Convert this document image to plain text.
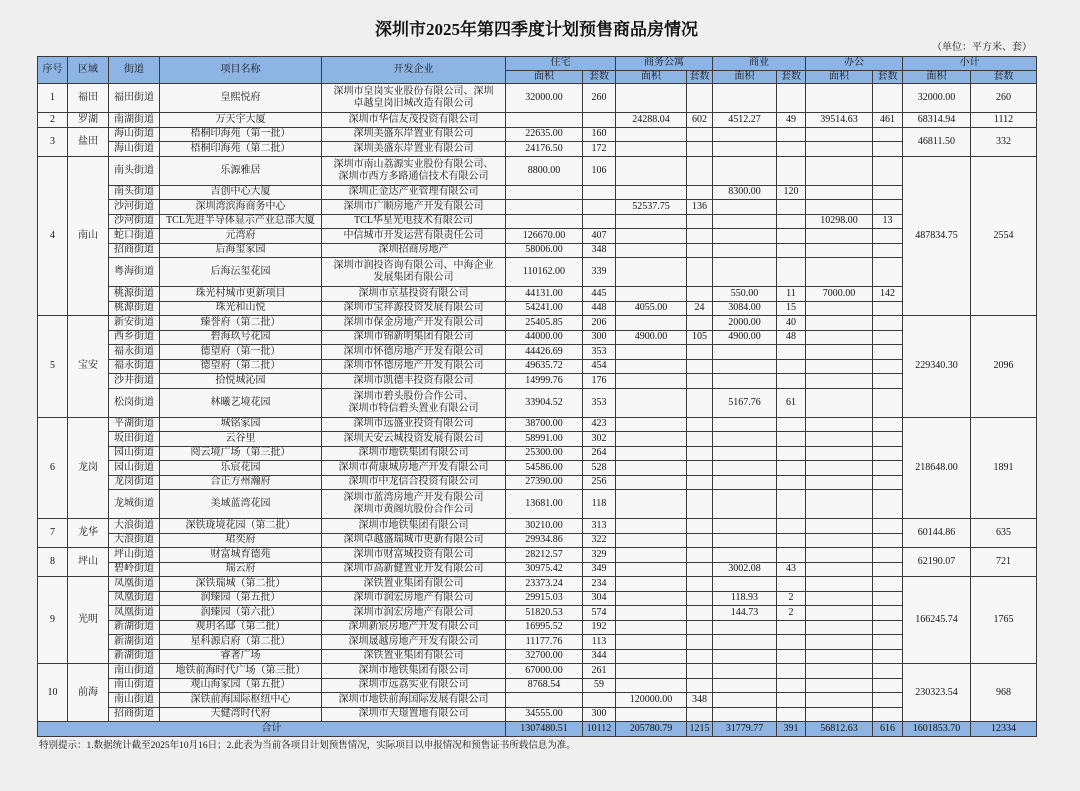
深圳市2025年第四季度计划预售商品房情况
（单位：平方米、套）
序号	区域	街道	项目名称	开发企业	住宅		商务公寓		商业		办公		小计	
					面积	套数	面积	套数	面积	套数	面积	套数	面积	套数
1	福田	福田街道	皇熙悦府	深圳市皇岗实业股份有限公司、深圳
卓越皇岗旧城改造有限公司	32000.00	260							32000.00	260
2	罗湖	南湖街道	万天宇大厦	深圳市华信友茂投资有限公司			24288.04	602	4512.27	49	39514.63	461	68314.94	1112
3	盐田	海山街道	梧桐印海苑（第一批）	深圳美盛东岸置业有限公司	22635.00	160							46811.50	332
		海山街道	梧桐印海苑（第二批）	深圳美盛东岸置业有限公司	24176.50	172								
4	南山	南头街道	乐源雅居	深圳市南山荔源实业股份有限公司、
深圳市西方多路通信技术有限公司	8800.00	106							487834.75	2554
		南头街道	吉创中心大厦	深圳正金达产业管理有限公司					8300.00	120				
		沙河街道	深圳湾滨海商务中心	深圳市广顺房地产开发有限公司			52537.75	136						
		沙河街道	TCL先进半导体显示产业总部大厦	TCL华星光电技术有限公司							10298.00	13		
		蛇口街道	元湾府	中信城市开发运营有限责任公司	126670.00	407								
		招商街道	后海玺家园	深圳招商房地产	58006.00	348								
		粤海街道	后海沄玺花园	深圳市润投咨询有限公司、中海企业
发展集团有限公司	110162.00	339								
		桃源街道	珠光村城市更新项目	深圳市京基投资有限公司	44131.00	445			550.00	11	7000.00	142		
		桃源街道	珠光和山悦	深圳市宝祥源投资发展有限公司	54241.00	448	4055.00	24	3084.00	15				
5	宝安	新安街道	臻誉府（第二批）	深圳市保金房地产开发有限公司	25405.85	206			2000.00	40			229340.30	2096
		西乡街道	碧海玖号花园	深圳市锦新明集团有限公司	44000.00	300	4900.00	105	4900.00	48				
		福永街道	德望府（第一批）	深圳市怀德房地产开发有限公司	44426.69	353								
		福永街道	德望府（第二批）	深圳市怀德房地产开发有限公司	49635.72	454								
		沙井街道	拾悦城沁园	深圳市凯德丰投资有限公司	14999.76	176								
		松岗街道	林曦艺境花园	深圳市碧头股份合作公司、
深圳市特信碧头置业有限公司	33904.52	353			5167.76	61				
6	龙岗	平湖街道	城铭家园	深圳市远盛业投资有限公司	38700.00	423							218648.00	1891
		坂田街道	云谷里	深圳天安云城投资发展有限公司	58991.00	302								
		园山街道	阅云境广场（第三批）	深圳市地铁集团有限公司	25300.00	264								
		园山街道	乐宸花园	深圳市荷康城房地产开发有限公司	54586.00	528								
		龙岗街道	合正方州瀚府	深圳市中龙信合投资有限公司	27390.00	256								
		龙城街道	美域蓝湾花园	深圳市蓝湾房地产开发有限公司
深圳市黄阁坑股份合作公司	13681.00	118								
7	龙华	大浪街道	深铁珑境花园（第二批）	深圳市地铁集团有限公司	30210.00	313							60144.86	635
		大浪街道	珺奕府	深圳卓越盛瑞城市更新有限公司	29934.86	322								
8	坪山	坪山街道	财富城育德苑	深圳市财富城投资有限公司	28212.57	329							62190.07	721
		碧岭街道	瑞云府	深圳市高新健置业开发有限公司	30975.42	349			3002.08	43				
9	光明	凤凰街道	深铁瑞城（第二批）	深铁置业集团有限公司	23373.24	234							166245.74	1765
		凤凰街道	润臻园（第五批）	深圳市润宏房地产有限公司	29915.03	304			118.93	2				
		凤凰街道	润臻园（第六批）	深圳市润宏房地产有限公司	51820.53	574			144.73	2				
		新湖街道	观玥名邸（第二批）	深圳新宸房地产开发有限公司	16995.52	192								
		新湖街道	星科源启府（第二批）	深圳晟越房地产开发有限公司	11177.76	113								
		新湖街道	睿著广场	深铁置业集团有限公司	32700.00	344								
10	前海	南山街道	地铁前海时代广场（第三批）	深圳市地铁集团有限公司	67000.00	261							230323.54	968
		南山街道	观山海家园（第五批）	深圳市远荔实业有限公司	8768.54	59								
		南山街道	深铁前海国际枢纽中心	深圳市地铁前海国际发展有限公司			120000.00	348						
		招商街道	天健湾时代府	深圳市天璟置地有限公司	34555.00	300								
合计					1307480.51	10112	205780.79	1215	31779.77	391	56812.63	616	1601853.70	12334
特别提示：1.数据统计截至2025年10月16日；2.此表为当前各项目计划预售情况，实际项目以申报情况和预售证书所载信息为准。
